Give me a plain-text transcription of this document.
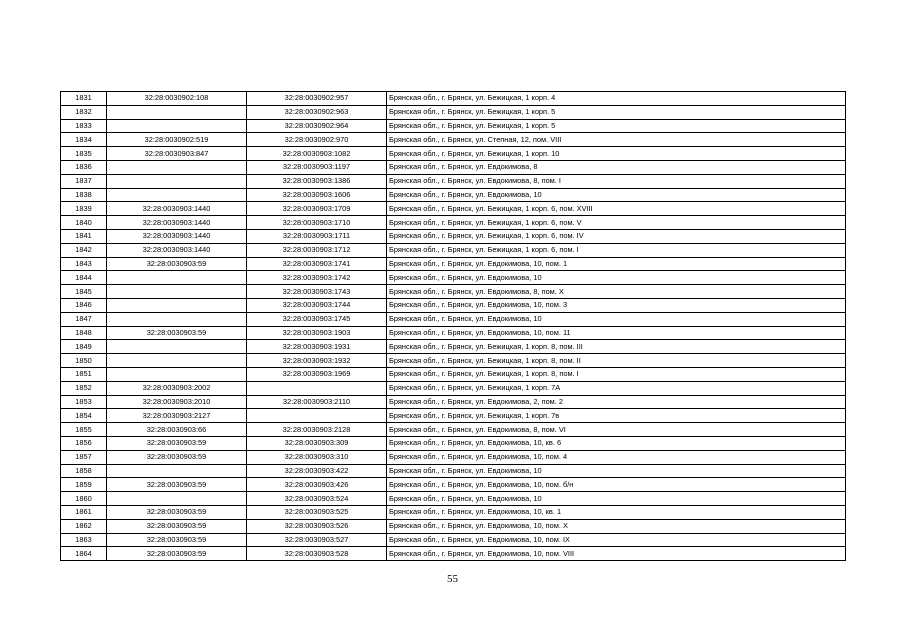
1831	32:28:0030902:108	32:28:0030902:957	Брянская обл., г. Брянск, ул. Бежицкая, 1 корп. 4
1832		32:28:0030902:963	Брянская обл., г. Брянск, ул. Бежицкая, 1 корп. 5
1833		32:28:0030902:964	Брянская обл., г. Брянск, ул. Бежицкая, 1 корп. 5
1834	32:28:0030902:519	32:28:0030902:970	Брянская обл., г. Брянск, ул. Степная, 12, пом. VIII
1835	32:28:0030903:847	32:28:0030903:1082	Брянская обл., г. Брянск, ул. Бежицкая, 1 корп. 10
1836		32:28:0030903:1197	Брянская обл., г. Брянск, ул. Евдокимова, 8
1837		32:28:0030903:1386	Брянская обл., г. Брянск, ул. Евдокимова, 8, пом. I
1838		32:28:0030903:1606	Брянская обл., г. Брянск, ул. Евдокимова, 10
1839	32:28:0030903:1440	32:28:0030903:1709	Брянская обл., г. Брянск, ул. Бежицкая, 1 корп. 6, пом. XVIII
1840	32:28:0030903:1440	32:28:0030903:1710	Брянская обл., г. Брянск, ул. Бежицкая, 1 корп. 6, пом. V
1841	32:28:0030903:1440	32:28:0030903:1711	Брянская обл., г. Брянск, ул. Бежицкая, 1 корп. 6, пом. IV
1842	32:28:0030903:1440	32:28:0030903:1712	Брянская обл., г. Брянск, ул. Бежицкая, 1 корп. 6, пом. I
1843	32:28:0030903:59	32:28:0030903:1741	Брянская обл., г. Брянск, ул. Евдокимова, 10, пом. 1
1844		32:28:0030903:1742	Брянская обл., г. Брянск, ул. Евдокимова, 10
1845		32:28:0030903:1743	Брянская обл., г. Брянск, ул. Евдокимова, 8, пом. X
1846		32:28:0030903:1744	Брянская обл., г. Брянск, ул. Евдокимова, 10, пом. 3
1847		32:28:0030903:1745	Брянская обл., г. Брянск, ул. Евдокимова, 10
1848	32:28:0030903:59	32:28:0030903:1903	Брянская обл., г. Брянск, ул. Евдокимова, 10, пом. 11
1849		32:28:0030903:1931	Брянская обл., г. Брянск, ул. Бежицкая, 1 корп. 8, пом. III
1850		32:28:0030903:1932	Брянская обл., г. Брянск, ул. Бежицкая, 1 корп. 8, пом. II
1851		32:28:0030903:1969	Брянская обл., г. Брянск, ул. Бежицкая, 1 корп. 8, пом. I
1852	32:28:0030903:2002		Брянская обл., г. Брянск, ул. Бежицкая, 1 корп. 7А
1853	32:28:0030903:2010	32:28:0030903:2110	Брянская обл., г. Брянск, ул. Евдокимова, 2, пом. 2
1854	32:28:0030903:2127		Брянская обл., г. Брянск, ул. Бежицкая, 1 корп. 7в
1855	32:28:0030903:66	32:28:0030903:2128	Брянская обл., г. Брянск, ул. Евдокимова, 8, пом. VI
1856	32:28:0030903:59	32:28:0030903:309	Брянская обл., г. Брянск, ул. Евдокимова, 10, кв. 6
1857	32:28:0030903:59	32:28:0030903:310	Брянская обл., г. Брянск, ул. Евдокимова, 10, пом. 4
1858		32:28:0030903:422	Брянская обл., г. Брянск, ул. Евдокимова, 10
1859	32:28:0030903:59	32:28:0030903:426	Брянская обл., г. Брянск, ул. Евдокимова, 10, пом. б/н
1860		32:28:0030903:524	Брянская обл., г. Брянск, ул. Евдокимова, 10
1861	32:28:0030903:59	32:28:0030903:525	Брянская обл., г. Брянск, ул. Евдокимова, 10, кв. 1
1862	32:28:0030903:59	32:28:0030903:526	Брянская обл., г. Брянск, ул. Евдокимова, 10, пом. X
1863	32:28:0030903:59	32:28:0030903:527	Брянская обл., г. Брянск, ул. Евдокимова, 10, пом. IX
1864	32:28:0030903:59	32:28:0030903:528	Брянская обл., г. Брянск, ул. Евдокимова, 10, пом. VIII
55
